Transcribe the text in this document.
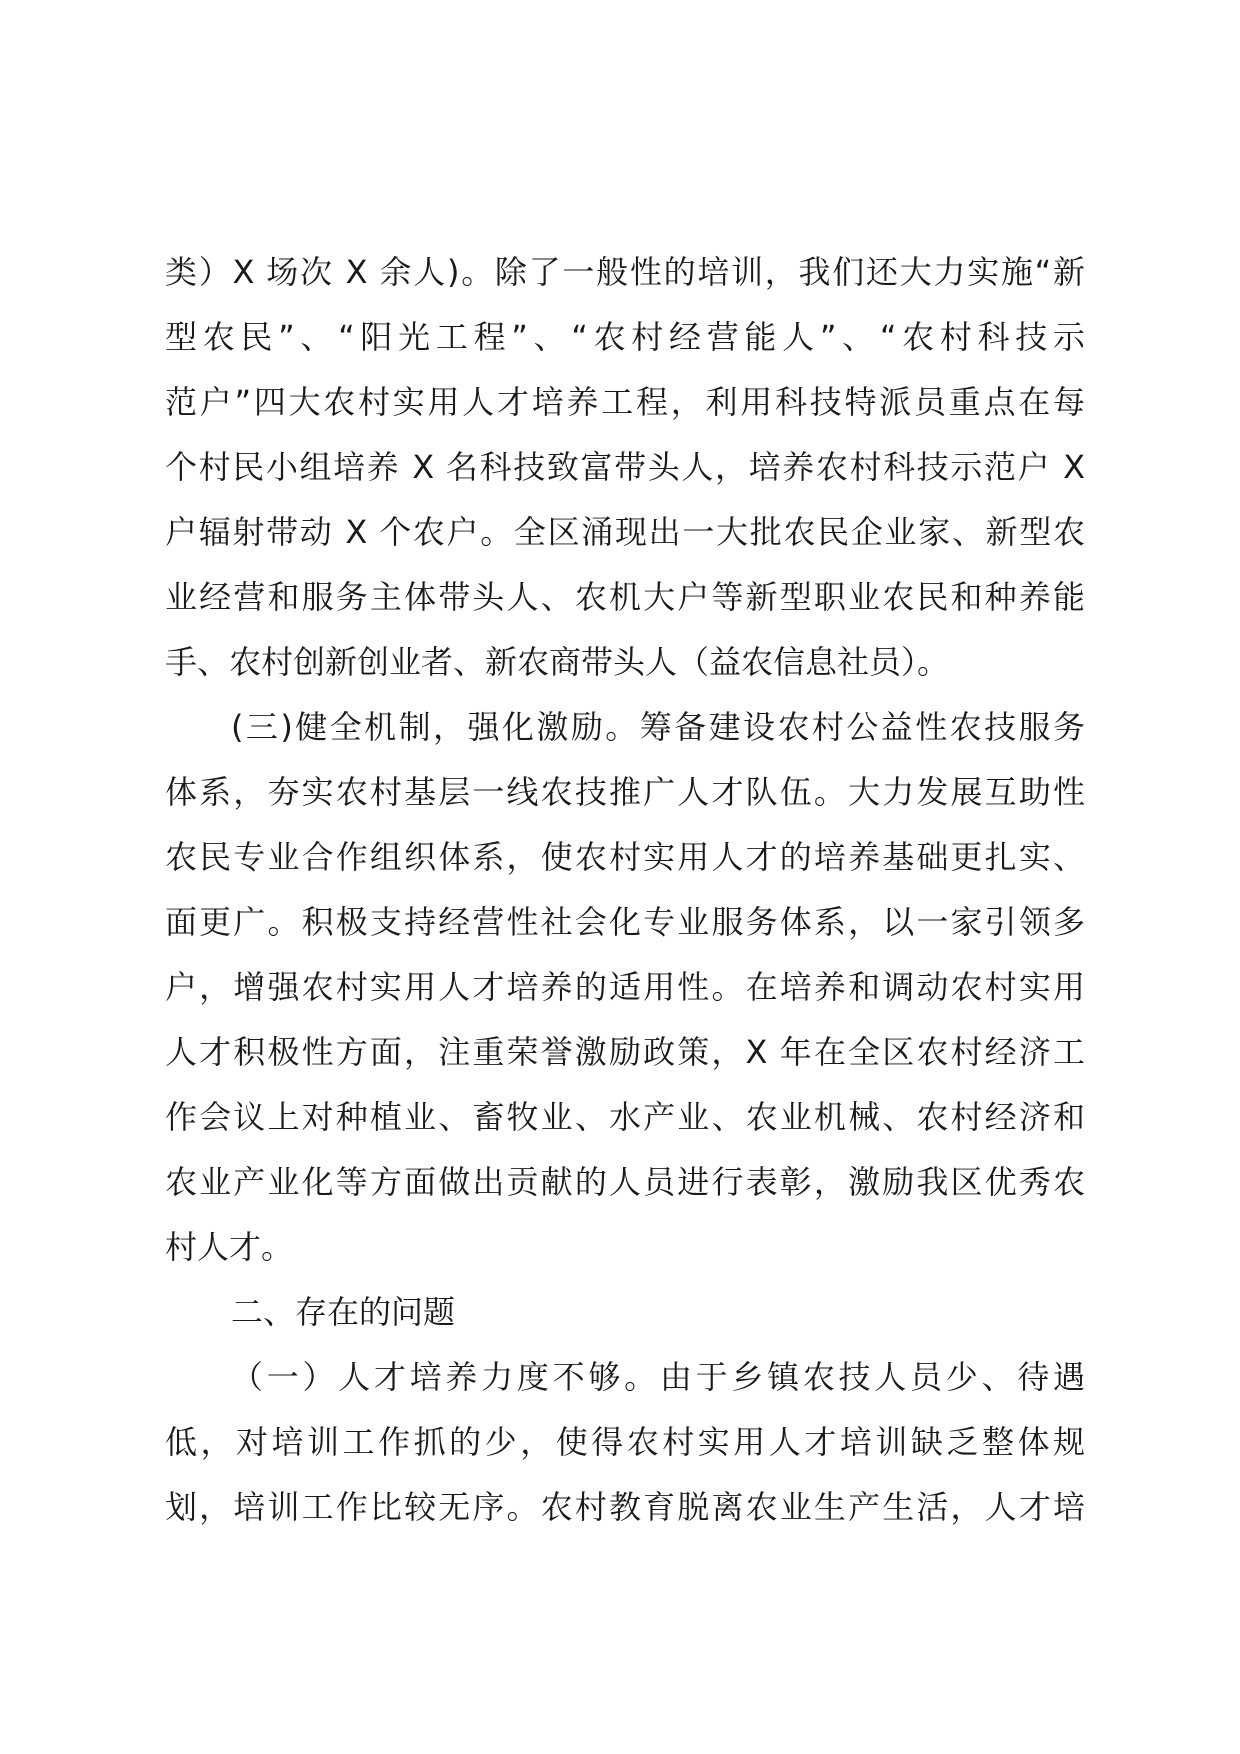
类）X 场次 X 余人)。除了一般性的培训，我们还大力实施“新
型农民”、“阳光工程”、“农村经营能人”、“农村科技示
范户”四大农村实用人才培养工程，利用科技特派员重点在每
个村民小组培养 X 名科技致富带头人，培养农村科技示范户 X
户辐射带动 X 个农户。全区涌现出一大批农民企业家、新型农
业经营和服务主体带头人、农机大户等新型职业农民和种养能
手、农村创新创业者、新农商带头人（益农信息社员）。
(三)健全机制，强化激励。筹备建设农村公益性农技服务
体系，夯实农村基层一线农技推广人才队伍。大力发展互助性
农民专业合作组织体系，使农村实用人才的培养基础更扎实、
面更广。积极支持经营性社会化专业服务体系，以一家引领多
户，增强农村实用人才培养的适用性。在培养和调动农村实用
人才积极性方面，注重荣誉激励政策，X 年在全区农村经济工
作会议上对种植业、畜牧业、水产业、农业机械、农村经济和
农业产业化等方面做出贡献的人员进行表彰，激励我区优秀农
村人才。
二、存在的问题
（一）人才培养力度不够。由于乡镇农技人员少、待遇
低，对培训工作抓的少，使得农村实用人才培训缺乏整体规
划，培训工作比较无序。农村教育脱离农业生产生活，人才培
